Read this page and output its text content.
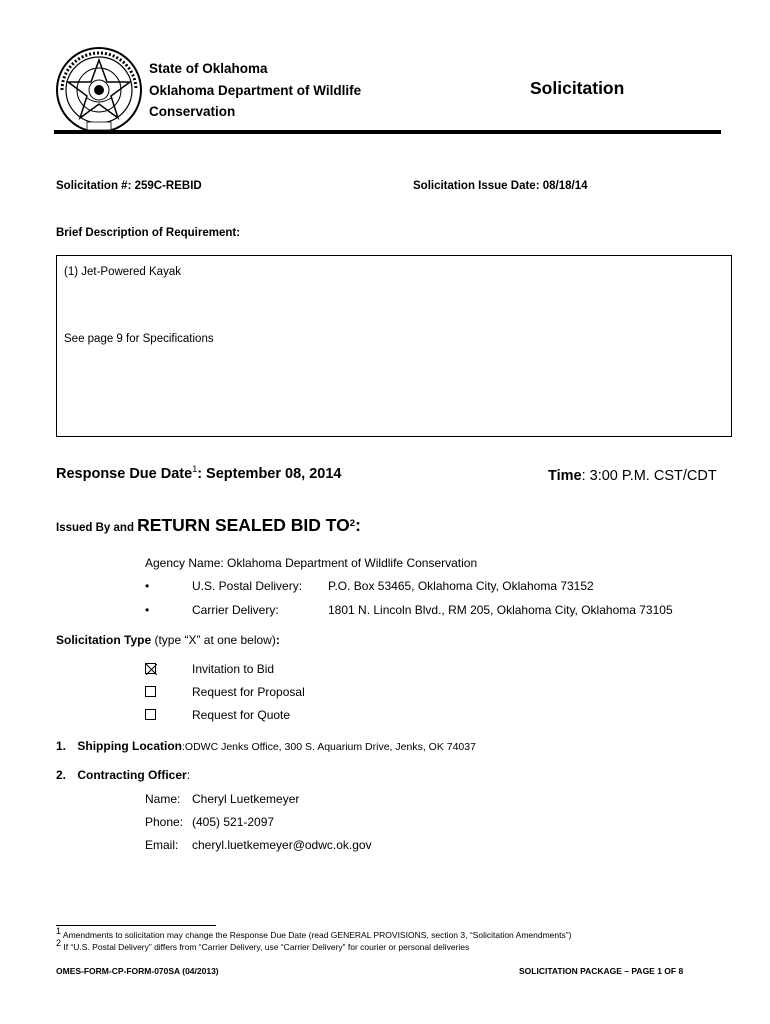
State of Oklahoma
Oklahoma Department of Wildlife
Conservation
Solicitation
Solicitation #: 259C-REBID	Solicitation Issue Date: 08/18/14
Brief Description of Requirement:
(1) Jet-Powered Kayak
See page 9 for Specifications
Response Due Date$^1$: September 08, 2014	Time: 3:00 P.M. CST/CDT
Issued By and RETURN SEALED BID $TO^2$:
Agency Name: Oklahoma Department of Wildlife Conservation
•	U.S. Postal Delivery: P.O. Box 53465, Oklahoma City, Oklahoma 73152
•	Carrier Delivery:	1801 N. Lincoln Blvd., RM 205, Oklahoma City, Oklahoma 73105
Solicitation Type (type “X” at one below):
Invitation to Bid
Request for Proposal
Request for Quote
1. Shipping Location:ODWC Jenks Office, 300 S. Aquarium Drive, Jenks, OK 74037
2. Contracting Officer:
Name: Cheryl Luetkemeyer
Phone: (405) 521-2097
Email: cheryl.luetkemeyer@odwc.ok.gov
$^1$ Amendments to solicitation may change the Response Due Date (read GENERAL PROVISIONS, section 3, “Solicitation Amendments”)
$^2$ If “U.S. Postal Delivery” differs from “Carrier Delivery, use “Carrier Delivery” for courier or personal deliveries
OMES-FORM-CP-FORM-070SA (04/2013)	SOLICITATION PACKAGE – PAGE 1 OF 8
